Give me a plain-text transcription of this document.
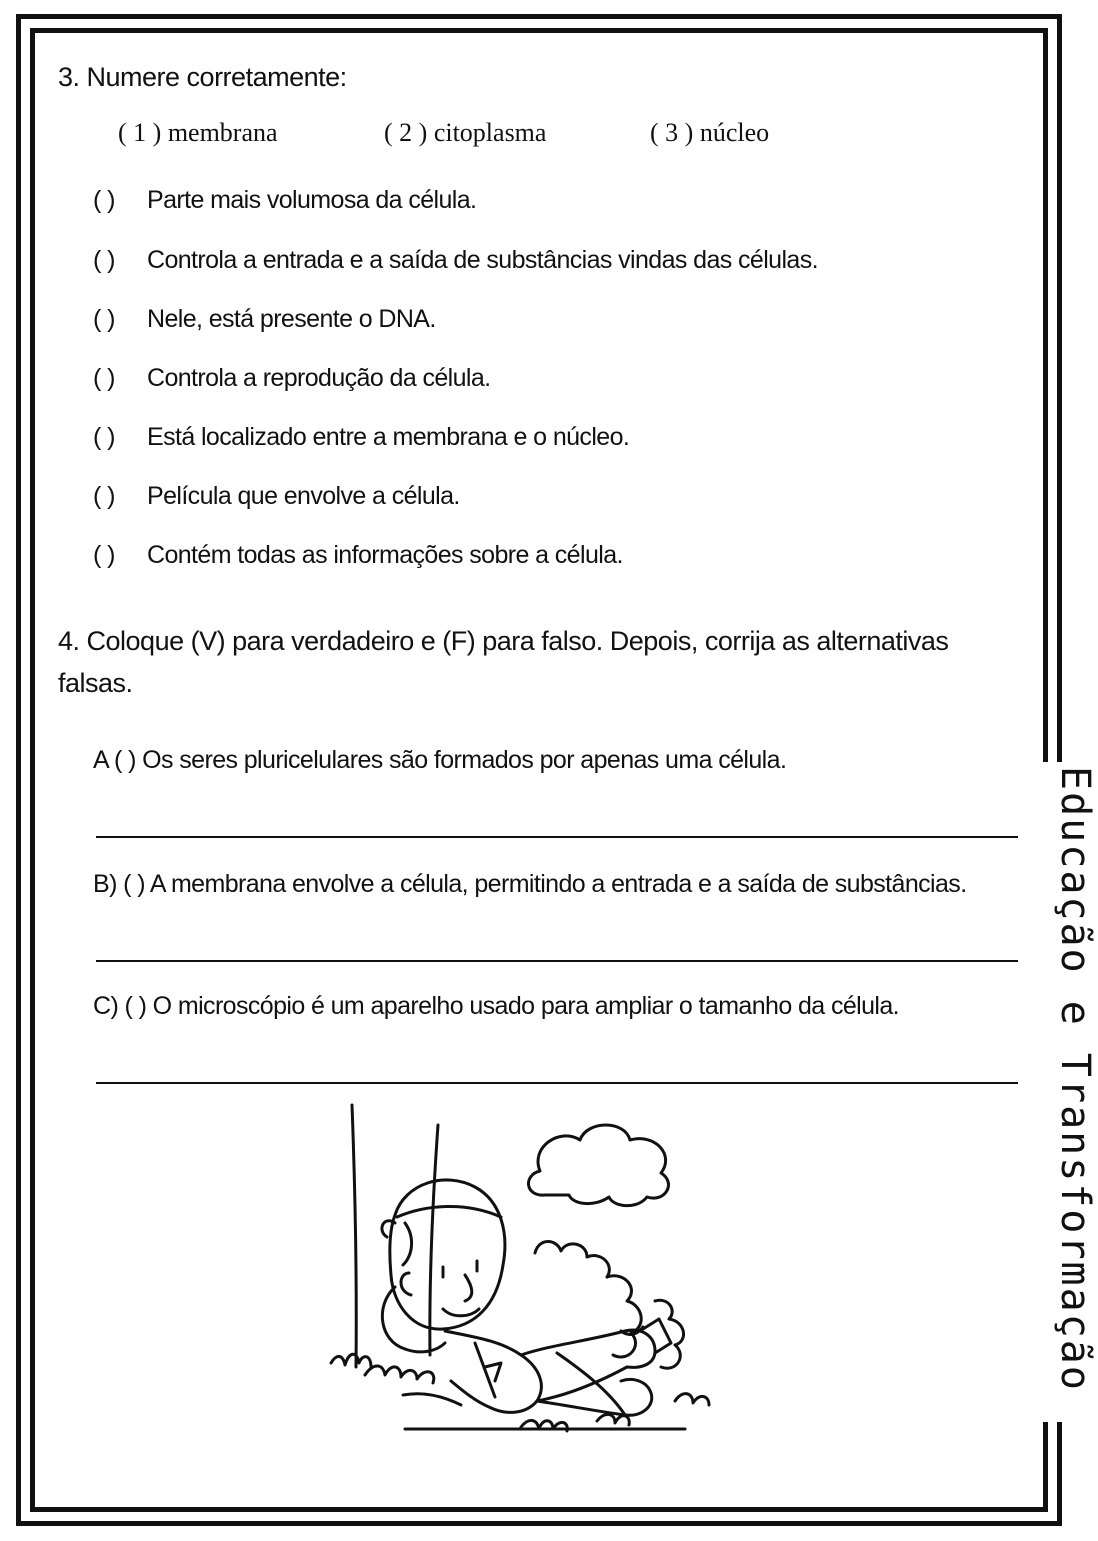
Educação e Transformação
3. Numere corretamente:
( 1 ) membrana	( 2 ) citoplasma	( 3 ) núcleo
( ) Parte mais volumosa da célula.
( ) Controla a entrada e a saída de substâncias vindas das células.
( ) Nele, está presente o DNA.
( ) Controla a reprodução da célula.
( ) Está localizado entre a membrana e o núcleo.
( ) Película que envolve a célula.
( ) Contém todas as informações sobre a célula.
4. Coloque (V) para verdadeiro e (F) para falso. Depois, corrija as alternativas falsas.
A ( ) Os seres pluricelulares são formados por apenas uma célula.
B) ( ) A membrana envolve a célula, permitindo a entrada e a saída de substâncias.
C) ( ) O microscópio é um aparelho usado para ampliar o tamanho da célula.
